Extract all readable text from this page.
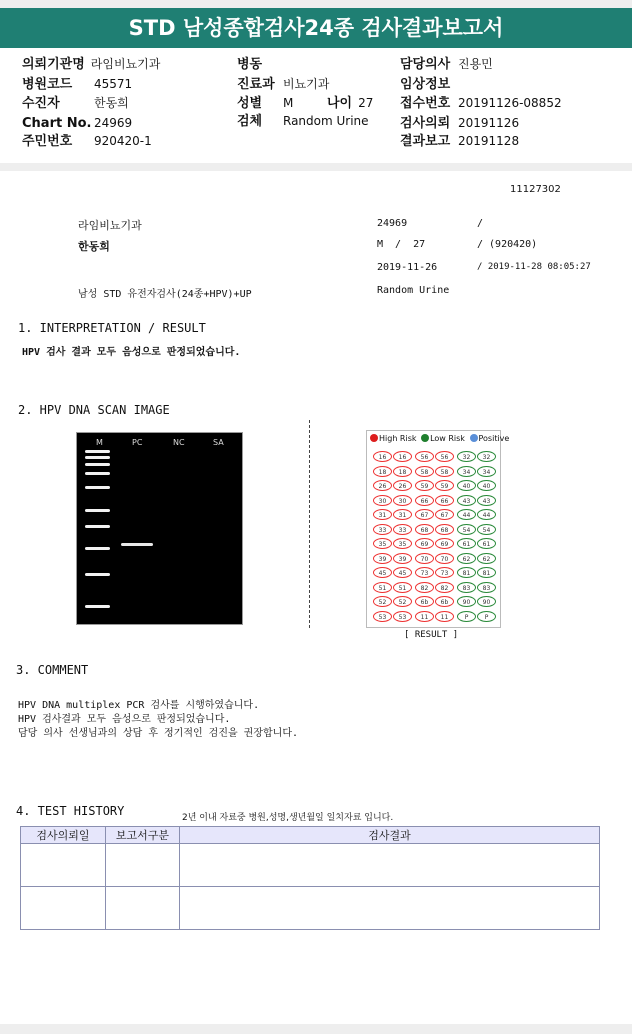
STD 남성종합검사24종 검사결과보고서
의뢰기관명 라임비뇨기과
병원코드 45571
수진자	한동희
Chart No. 24969
주민번호 920420-1
병동
진료과 비뇨기과
성별 M	나이 27
검체 Random Urine
담당의사 진용민
임상정보
접수번호 20191126-08852
검사의뢰 20191126
결과보고 20191128
11127302
라임비뇨기과	24969	/
한동희	M  /  27	/ (920420)
2019-11-26	/ 2019-11-28 08:05:27
남성 STD 유전자검사(24종+HPV)+UP	Random Urine
1. INTERPRETATION / RESULT
HPV 검사 결과 모두 음성으로 판정되었습니다.
2. HPV DNA SCAN IMAGE
M	PC	NC	SA	High Risk Low Risk Positive
16	16	56	56	32	32
18	18	58	58	34	34
26	26	59	59	40	40
30	30	66	66	43	43
31	31	67	67	44	44
33	33	68	68	54	54
35	35	69	69	61	61
39	39	70	70	62	62
45	45	73	73	81	81
51	51	82	82	83	83
52	52	6b	6b	90	90
53	53	11	11	P	P
[ RESULT ]
3. COMMENT
HPV DNA multiplex PCR 검사를 시행하였습니다.
HPV 검사결과 모두 음성으로 판정되었습니다.
담당 의사 선생님과의 상담 후 정기적인 검진을 권장합니다.
4. TEST HISTORY	2년 이내 자료중 병원,성명,생년월일 일치자료 입니다.
검사의뢰일	보고서구분	검사결과
